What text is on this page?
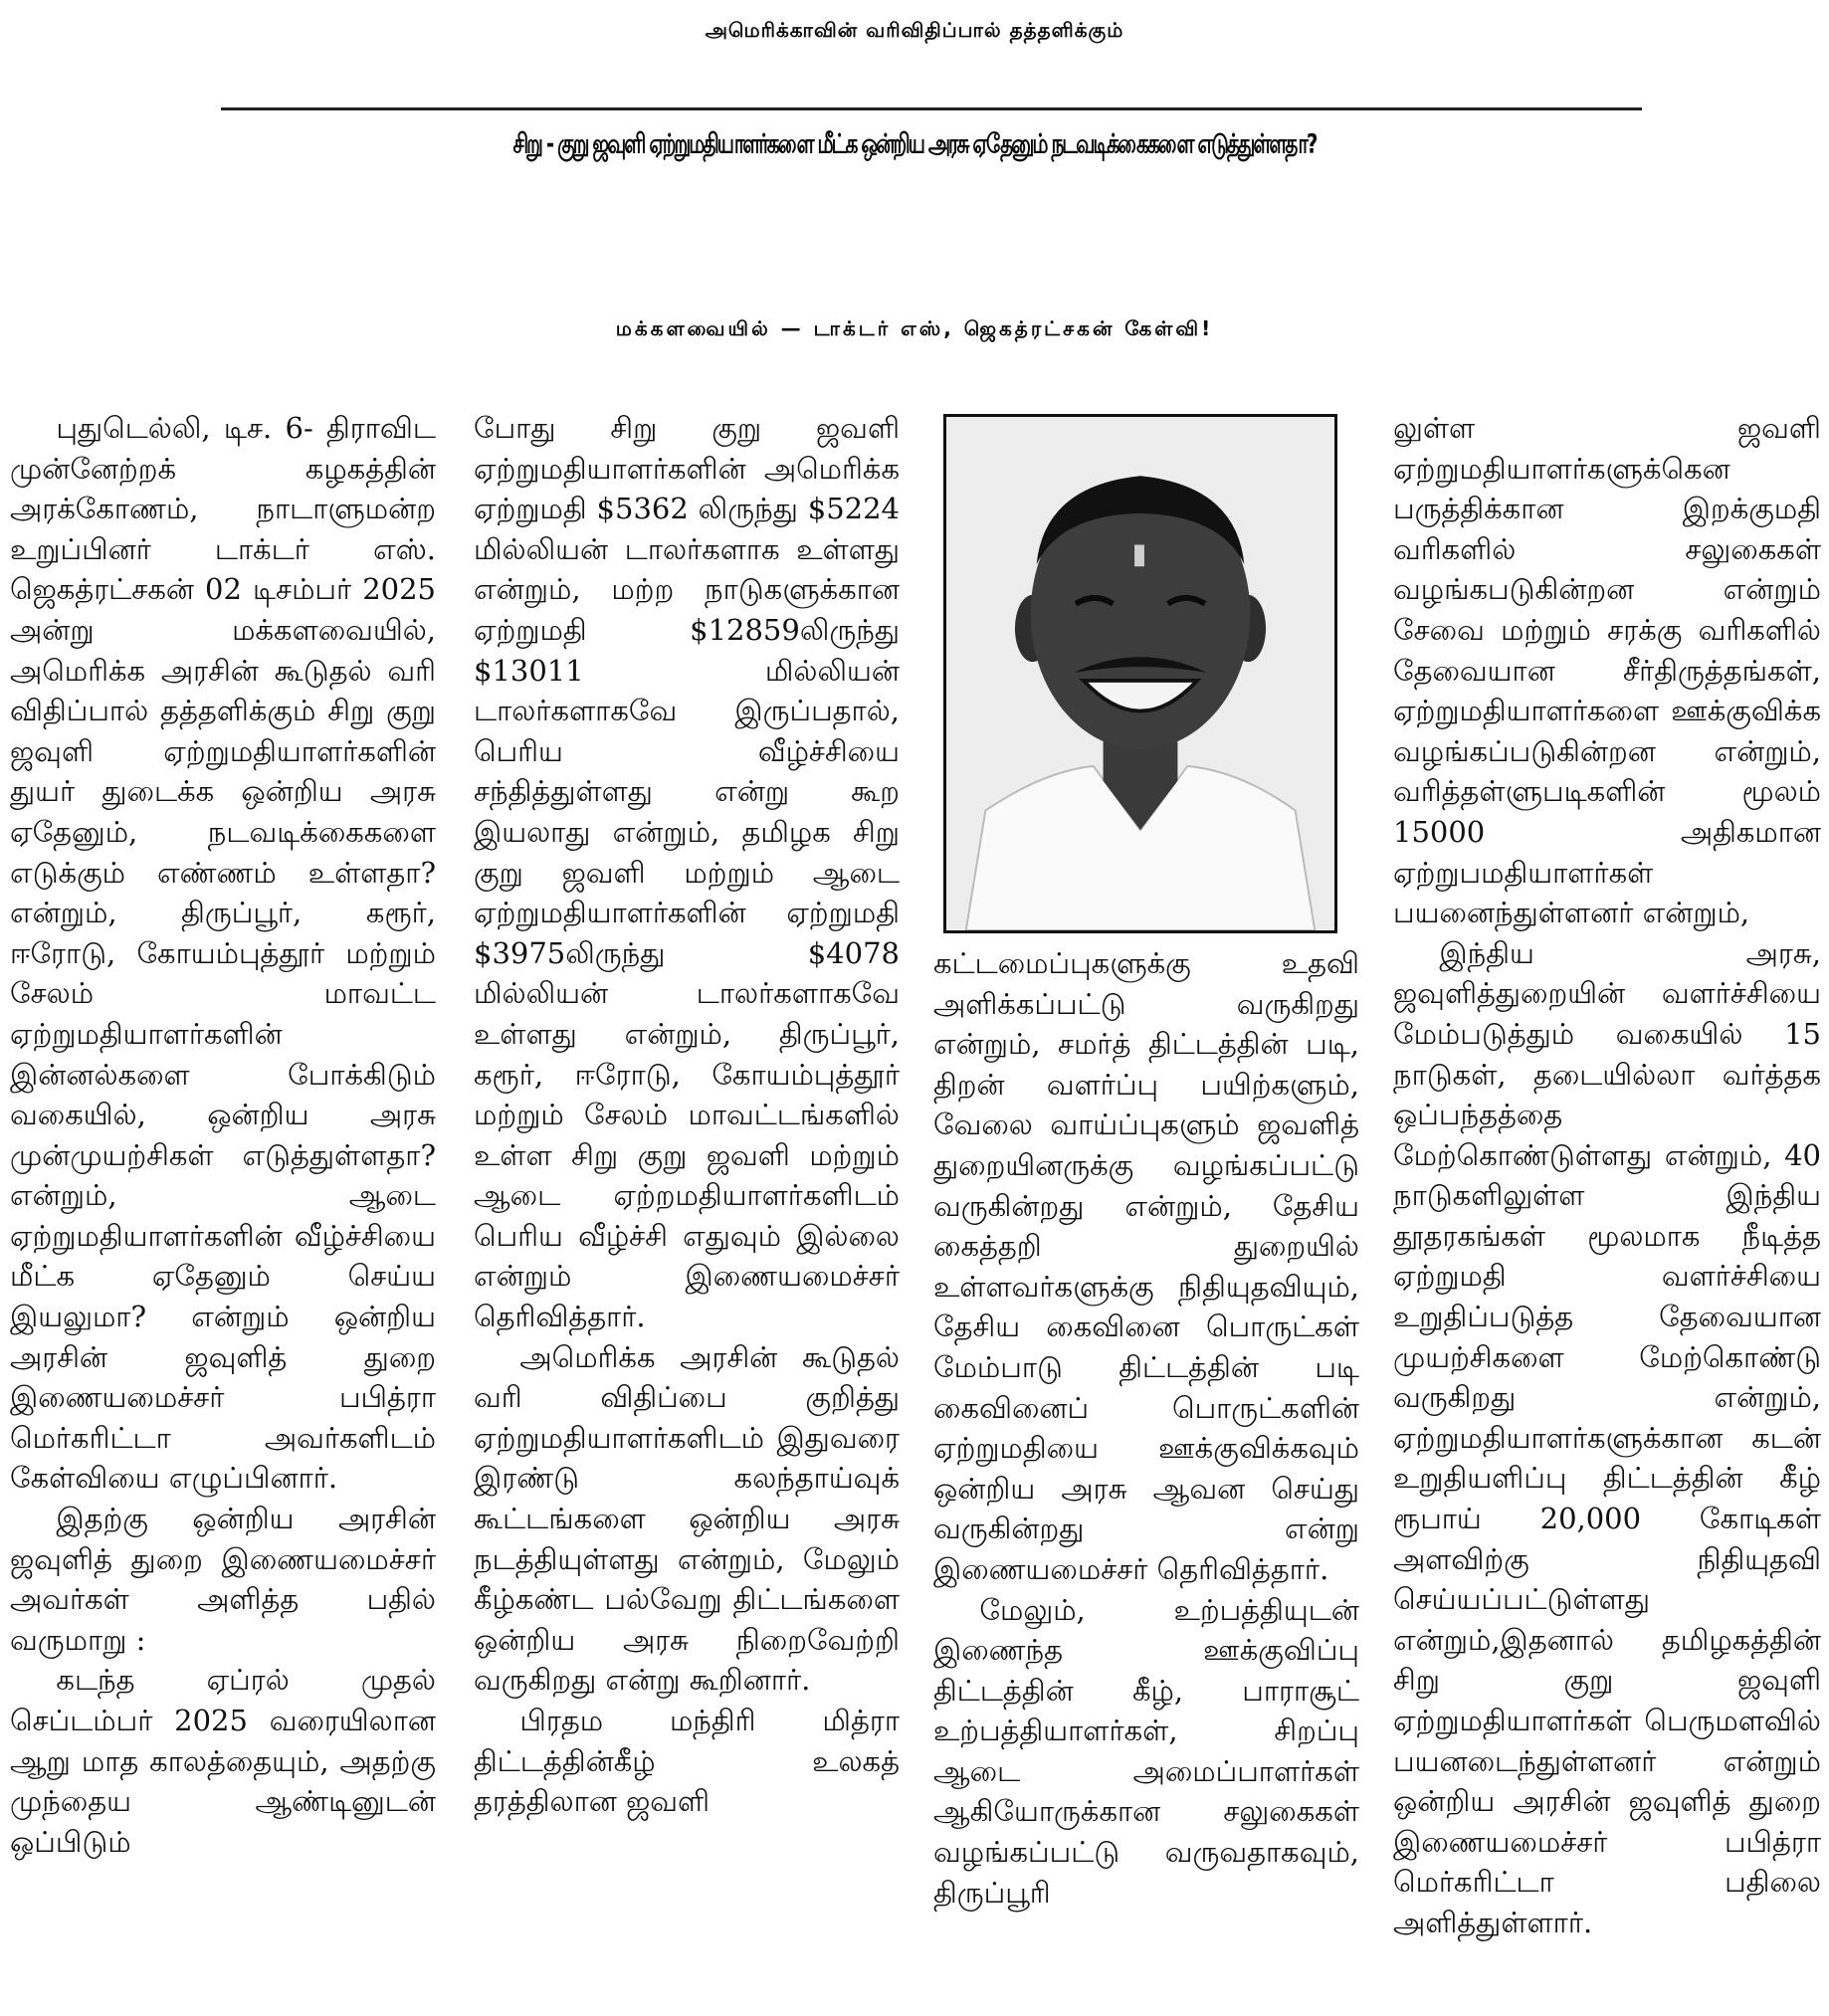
அமெரிக்காவின் வரிவிதிப்பால் தத்தளிக்கும்
சிறு - குறு ஜவுளி ஏற்றுமதியாளர்களை மீட்க ஒன்றிய அரசு ஏதேனும் நடவடிக்கைகளை எடுத்துள்ளதா?
மக்களவையில் — டாக்டர் எஸ், ஜெகத்ரட்சகன் கேள்வி!

புதுடெல்லி, டிச. 6- திராவிட முன்னேற்றக் கழகத்தின் அரக்கோணம், நாடாளுமன்ற உறுப்பினர் டாக்டர் எஸ். ஜெகத்ரட்சகன் 02 டிசம்பர் 2025 அன்று மக்களவையில், அமெரிக்க அரசின் கூடுதல் வரி விதிப்பால் தத்தளிக்கும் சிறு குறு ஜவுளி ஏற்றுமதியாளர்களின் துயர் துடைக்க ஒன்றிய அரசு ஏதேனும், நடவடிக்கைகளை எடுக்கும் எண்ணம் உள்ளதா? என்றும், திருப்பூர், கரூர், ஈரோடு, கோயம்புத்தூர் மற்றும் சேலம் மாவட்ட ஏற்றுமதியாளர்களின் இன்னல்களை போக்கிடும் வகையில், ஒன்றிய அரசு முன்முயற்சிகள் எடுத்துள்ளதா? என்றும், ஆடை ஏற்றுமதியாளர்களின் வீழ்ச்சியை மீட்க ஏதேனும் செய்ய இயலுமா? என்றும் ஒன்றிய அரசின் ஜவுளித் துறை இணையமைச்சர் பபித்ரா மெர்கரிட்டா அவர்களிடம் கேள்வியை எழுப்பினார்.

இதற்கு ஒன்றிய அரசின் ஜவுளித் துறை இணையமைச்சர் அவர்கள் அளித்த பதில் வருமாறு :

கடந்த ஏப்ரல் முதல் செப்டம்பர் 2025 வரையிலான ஆறு மாத காலத்தையும், அதற்கு முந்தைய ஆண்டினுடன் ஒப்பிடும்

போது சிறு குறு ஜவளி ஏற்றுமதியாளர்களின் அமெரிக்க ஏற்றுமதி $5362 லிருந்து $5224 மில்லியன் டாலர்களாக உள்ளது என்றும், மற்ற நாடுகளுக்கான ஏற்றுமதி $12859லிருந்து $13011 மில்லியன் டாலர்களாகவே இருப்பதால், பெரிய வீழ்ச்சியை சந்தித்துள்ளது என்று கூற இயலாது என்றும், தமிழக சிறு குறு ஜவளி மற்றும் ஆடை ஏற்றுமதியாளர்களின் ஏற்றுமதி $3975லிருந்து $4078 மில்லியன் டாலர்களாகவே உள்ளது என்றும், திருப்பூர், கரூர், ஈரோடு, கோயம்புத்தூர் மற்றும் சேலம் மாவட்டங்களில் உள்ள சிறு குறு ஜவளி மற்றும் ஆடை ஏற்றமதியாளர்களிடம் பெரிய வீழ்ச்சி எதுவும் இல்லை என்றும் இணையமைச்சர் தெரிவித்தார்.

அமெரிக்க அரசின் கூடுதல் வரி விதிப்பை குறித்து ஏற்றுமதியாளர்களிடம் இதுவரை இரண்டு கலந்தாய்வுக் கூட்டங்களை ஒன்றிய அரசு நடத்தியுள்ளது என்றும், மேலும் கீழ்கண்ட பல்வேறு திட்டங்களை ஒன்றிய அரசு நிறைவேற்றி வருகிறது என்று கூறினார்.

பிரதம மந்திரி மித்ரா திட்டத்தின்கீழ் உலகத் தரத்திலான ஜவளி

கட்டமைப்புகளுக்கு உதவி அளிக்கப்பட்டு வருகிறது என்றும், சமர்த் திட்டத்தின் படி, திறன் வளர்ப்பு பயிற்களும், வேலை வாய்ப்புகளும் ஜவளித் துறையினருக்கு வழங்கப்பட்டு வருகின்றது என்றும், தேசிய கைத்தறி துறையில் உள்ளவர்களுக்கு நிதியுதவியும், தேசிய கைவினை பொருட்கள் மேம்பாடு திட்டத்தின் படி கைவினைப் பொருட்களின் ஏற்றுமதியை ஊக்குவிக்கவும் ஒன்றிய அரசு ஆவன செய்து வருகின்றது என்று இணையமைச்சர் தெரிவித்தார்.

மேலும், உற்பத்தியுடன் இணைந்த ஊக்குவிப்பு திட்டத்தின் கீழ், பாராசூட் உற்பத்தியாளர்கள், சிறப்பு ஆடை அமைப்பாளர்கள் ஆகியோருக்கான சலுகைகள் வழங்கப்பட்டு வருவதாகவும், திருப்பூரி

லுள்ள ஜவளி ஏற்றுமதியாளர்களுக்கென பருத்திக்கான இறக்குமதி வரிகளில் சலுகைகள் வழங்கபடுகின்றன என்றும் சேவை மற்றும் சரக்கு வரிகளில் தேவையான சீர்திருத்தங்கள், ஏற்றுமதியாளர்களை ஊக்குவிக்க வழங்கப்படுகின்றன என்றும், வரித்தள்ளுபடிகளின் மூலம் 15000 அதிகமான ஏற்றுபமதியாளர்கள் பயனைந்துள்ளனர் என்றும்,

இந்திய அரசு, ஜவுளித்துறையின் வளர்ச்சியை மேம்படுத்தும் வகையில் 15 நாடுகள், தடையில்லா வர்த்தக ஒப்பந்தத்தை மேற்கொண்டுள்ளது என்றும், 40 நாடுகளிலுள்ள இந்திய தூதரகங்கள் மூலமாக நீடித்த ஏற்றுமதி வளர்ச்சியை உறுதிப்படுத்த தேவையான முயற்சிகளை மேற்கொண்டு வருகிறது என்றும், ஏற்றுமதியாளர்களுக்கான கடன் உறுதியளிப்பு திட்டத்தின் கீழ் ரூபாய் 20,000 கோடிகள் அளவிற்கு நிதியுதவி செய்யப்பட்டுள்ளது என்றும்,இதனால் தமிழகத்தின் சிறு குறு ஜவுளி ஏற்றுமதியாளர்கள் பெருமளவில் பயனடைந்துள்ளனர் என்றும் ஒன்றிய அரசின் ஜவுளித் துறை இணையமைச்சர் பபித்ரா மெர்கரிட்டா பதிலை அளித்துள்ளார்.
